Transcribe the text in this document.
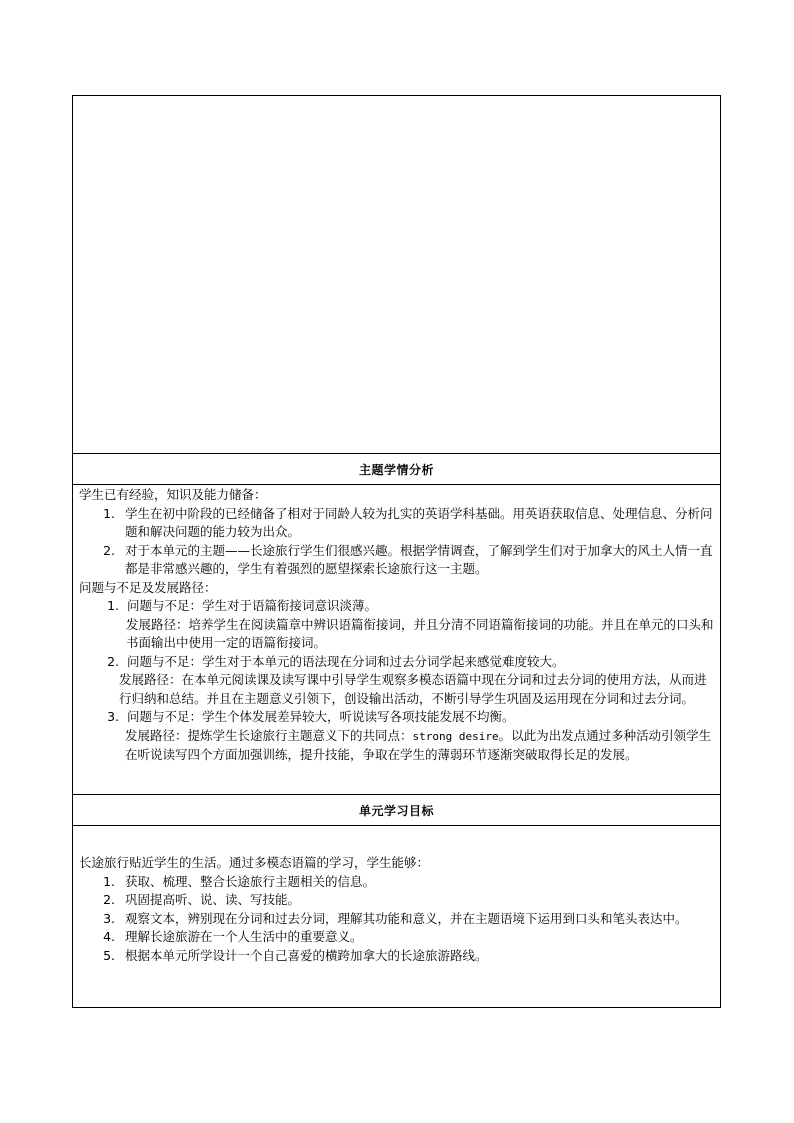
主题学情分析
学生已有经验，知识及能力储备：
1. 学生在初中阶段的已经储备了相对于同龄人较为扎实的英语学科基础。用英语获取信息、处理信息、分析问题和解决问题的能力较为出众。
2. 对于本单元的主题——长途旅行学生们很感兴趣。根据学情调查，了解到学生们对于加拿大的风土人情一直都是非常感兴趣的，学生有着强烈的愿望探索长途旅行这一主题。
问题与不足及发展路径：
1. 问题与不足：学生对于语篇衔接词意识淡薄。
发展路径：培养学生在阅读篇章中辨识语篇衔接词，并且分清不同语篇衔接词的功能。并且在单元的口头和书面输出中使用一定的语篇衔接词。
2. 问题与不足：学生对于本单元的语法现在分词和过去分词学起来感觉难度较大。
发展路径：在本单元阅读课及读写课中引导学生观察多模态语篇中现在分词和过去分词的使用方法，从而进行归纳和总结。并且在主题意义引领下，创设输出活动，不断引导学生巩固及运用现在分词和过去分词。
3. 问题与不足：学生个体发展差异较大，听说读写各项技能发展不均衡。
发展路径：提炼学生长途旅行主题意义下的共同点：strong desire。以此为出发点通过多种活动引领学生在听说读写四个方面加强训练，提升技能，争取在学生的薄弱环节逐渐突破取得长足的发展。
单元学习目标
长途旅行贴近学生的生活。通过多模态语篇的学习，学生能够：
1. 获取、梳理、整合长途旅行主题相关的信息。
2. 巩固提高听、说、读、写技能。
3. 观察文本，辨别现在分词和过去分词，理解其功能和意义，并在主题语境下运用到口头和笔头表达中。
4. 理解长途旅游在一个人生活中的重要意义。
5. 根据本单元所学设计一个自己喜爱的横跨加拿大的长途旅游路线。
